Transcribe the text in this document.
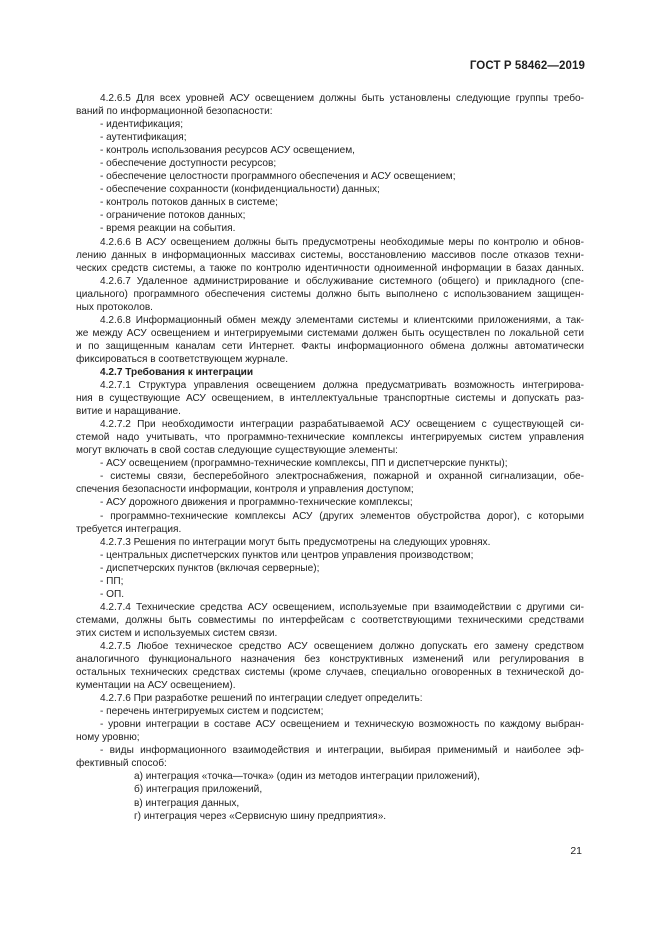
ГОСТ Р 58462—2019
4.2.6.5 Для всех уровней АСУ освещением должны быть установлены следующие группы требо-
ваний по информационной безопасности:
- идентификация;
- аутентификация;
- контроль использования ресурсов АСУ освещением,
- обеспечение доступности ресурсов;
- обеспечение целостности программного обеспечения и АСУ освещением;
- обеспечение сохранности (конфиденциальности) данных;
- контроль потоков данных в системе;
- ограничение потоков данных;
- время реакции на события.
4.2.6.6 В АСУ освещением должны быть предусмотрены необходимые меры по контролю и обнов-
лению данных в информационных массивах системы, восстановлению массивов после отказов техни-
ческих средств системы, а также по контролю идентичности одноименной информации в базах данных.
4.2.6.7 Удаленное администрирование и обслуживание системного (общего) и прикладного (спе-
циального) программного обеспечения системы должно быть выполнено с использованием защищен-
ных протоколов.
4.2.6.8 Информационный обмен между элементами системы и клиентскими приложениями, а так-
же между АСУ освещением и интегрируемыми системами должен быть осуществлен по локальной сети
и по защищенным каналам сети Интернет. Факты информационного обмена должны автоматически
фиксироваться в соответствующем журнале.
4.2.7 Требования к интеграции
4.2.7.1 Структура управления освещением должна предусматривать возможность интегрирова-
ния в существующие АСУ освещением, в интеллектуальные транспортные системы и допускать раз-
витие и наращивание.
4.2.7.2 При необходимости интеграции разрабатываемой АСУ освещением с существующей си-
стемой надо учитывать, что программно-технические комплексы интегрируемых систем управления
могут включать в свой состав следующие существующие элементы:
- АСУ освещением (программно-технические комплексы, ПП и диспетчерские пункты);
- системы связи, бесперебойного электроснабжения, пожарной и охранной сигнализации, обе-
спечения безопасности информации, контроля и управления доступом;
- АСУ дорожного движения и программно-технические комплексы;
- программно-технические комплексы АСУ (других элементов обустройства дорог), с которыми
требуется интеграция.
4.2.7.3 Решения по интеграции могут быть предусмотрены на следующих уровнях.
- центральных диспетчерских пунктов или центров управления производством;
- диспетчерских пунктов (включая серверные);
- ПП;
- ОП.
4.2.7.4 Технические средства АСУ освещением, используемые при взаимодействии с другими си-
стемами, должны быть совместимы по интерфейсам с соответствующими техническими средствами
этих систем и используемых систем связи.
4.2.7.5 Любое техническое средство АСУ освещением должно допускать его замену средством
аналогичного функционального назначения без конструктивных изменений или регулирования в
остальных технических средствах системы (кроме случаев, специально оговоренных в технической до-
кументации на АСУ освещением).
4.2.7.6 При разработке решений по интеграции следует определить:
- перечень интегрируемых систем и подсистем;
- уровни интеграции в составе АСУ освещением и техническую возможность по каждому выбран-
ному уровню;
- виды информационного взаимодействия и интеграции, выбирая применимый и наиболее эф-
фективный способ:
а) интеграция «точка—точка» (один из методов интеграции приложений),
б) интеграция приложений,
в) интеграция данных,
г) интеграция через «Сервисную шину предприятия».
21
